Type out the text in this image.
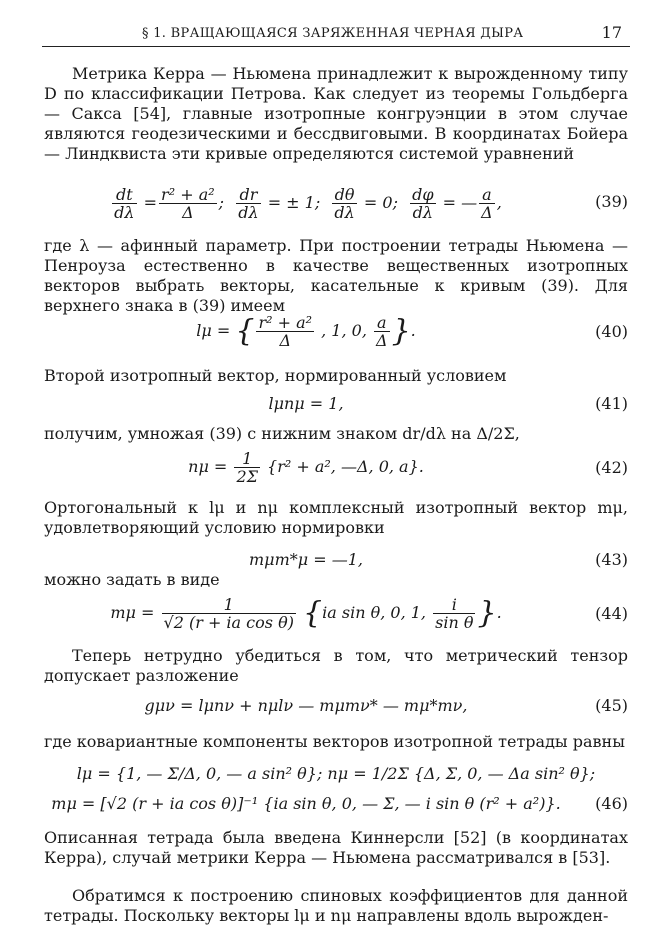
§ 1. ВРАЩАЮЩАЯСЯ ЗАРЯЖЕННАЯ ЧЕРНАЯ ДЫРА	17
Метрика Керра — Ньюмена принадлежит к вырожденному типу D по классификации Петрова. Как следует из теоремы Гольдберга — Сакса [54], главные изотропные конгруэнции в этом случае являются геодезическими и бессдвиговыми. В координатах Бойера — Линдквиста эти кривые определяются системой уравнений
$\frac{dt}{d\lambda} = \frac{\text{r² + a²}}{\Delta}$ ; $\frac{dr}{d\lambda}$ = ± 1; $\frac{d\theta}{d\lambda} = 0$; $\frac{d\varphi}{d\lambda}$ = — $\frac{a}{\Delta}$ ,	(39)
где λ — афинный параметр. При построении тетрады Ньюмена — Пенроуза естественно в качестве вещественных изотропных векторов выбрать векторы, касательные к кривым (39). Для верхнего знака в (39) имеем
lμ = { $\frac{\text{r² + a²}}{\Delta}$ , 1, 0, $\frac{a}{\Delta}$ }.	(40)
Второй изотропный вектор, нормированный условием
lμnμ = 1,	(41)
получим, умножая (39) с нижним знаком dr/dλ на Δ/2Σ,
$n\mu = \frac{1}{2\Sigma} \{r^2 + a^2$, —Δ, 0, a}.	(42)
Ортогональный к lμ и nμ комплексный изотропный вектор mμ, удовлетворяющий условию нормировки
mμm*μ = —1,	(43)
можно задать в виде
$m\mu = \frac{1}{\text{√2 (r + ia cos θ)}} \{ia$ sin θ, 0, 1, $\frac{i}{\text{sin θ}}$ }.	(44)
Теперь нетрудно убедиться в том, что метрический тензор допускает разложение
gμν = lμnν + nμlν — mμmν* — mμ*mν,	(45)
где ковариантные компоненты векторов изотропной тетрады равны
lμ = {1, — Σ/Δ, 0, — a sin² θ}; nμ = 1/2Σ {Δ, Σ, 0, — Δa sin² θ};
mμ = [√2 (r + ia cos θ)]⁻¹ {ia sin θ, 0, — Σ, — i sin θ (r² + a²)}.	(46)
Описанная тетрада была введена Киннерсли [52] (в координатах Керра), случай метрики Керра — Ньюмена рассматривался в [53].
Обратимся к построению спиновых коэффициентов для данной тетрады. Поскольку векторы lμ и nμ направлены вдоль вырожден-
